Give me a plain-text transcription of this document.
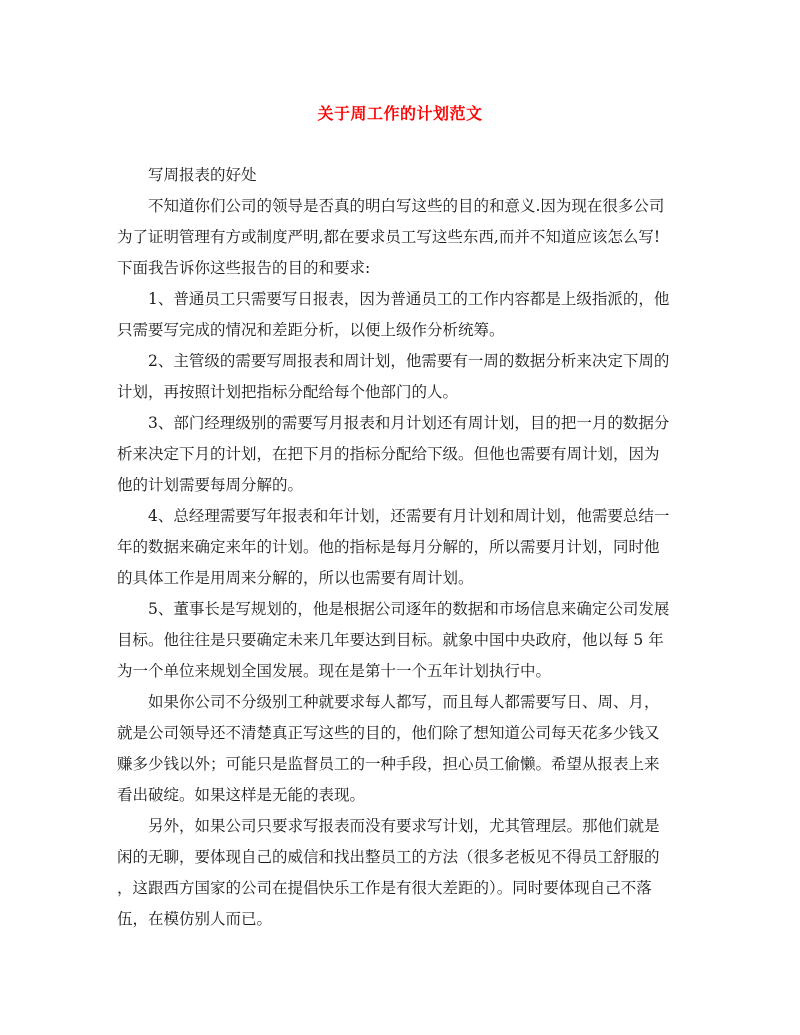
关于周工作的计划范文

写周报表的好处

不知道你们公司的领导是否真的明白写这些的目的和意义.因为现在很多公司
为了证明管理有方或制度严明,都在要求员工写这些东西,而并不知道应该怎么写!
下面我告诉你这些报告的目的和要求:

1、普通员工只需要写日报表，因为普通员工的工作内容都是上级指派的，他
只需要写完成的情况和差距分析，以便上级作分析统筹。

2、主管级的需要写周报表和周计划，他需要有一周的数据分析来决定下周的
计划，再按照计划把指标分配给每个他部门的人。

3、部门经理级别的需要写月报表和月计划还有周计划，目的把一月的数据分
析来决定下月的计划，在把下月的指标分配给下级。但他也需要有周计划，因为
他的计划需要每周分解的。

4、总经理需要写年报表和年计划，还需要有月计划和周计划，他需要总结一
年的数据来确定来年的计划。他的指标是每月分解的，所以需要月计划，同时他
的具体工作是用周来分解的，所以也需要有周计划。

5、董事长是写规划的，他是根据公司逐年的数据和市场信息来确定公司发展
目标。他往往是只要确定未来几年要达到目标。就象中国中央政府，他以每 5 年
为一个单位来规划全国发展。现在是第十一个五年计划执行中。

如果你公司不分级别工种就要求每人都写，而且每人都需要写日、周、月，
就是公司领导还不清楚真正写这些的目的，他们除了想知道公司每天花多少钱又
赚多少钱以外；可能只是监督员工的一种手段，担心员工偷懒。希望从报表上来
看出破绽。如果这样是无能的表现。

另外，如果公司只要求写报表而没有要求写计划，尤其管理层。那他们就是
闲的无聊，要体现自己的威信和找出整员工的方法（很多老板见不得员工舒服的
，这跟西方国家的公司在提倡快乐工作是有很大差距的）。同时要体现自己不落
伍，在模仿别人而已。
